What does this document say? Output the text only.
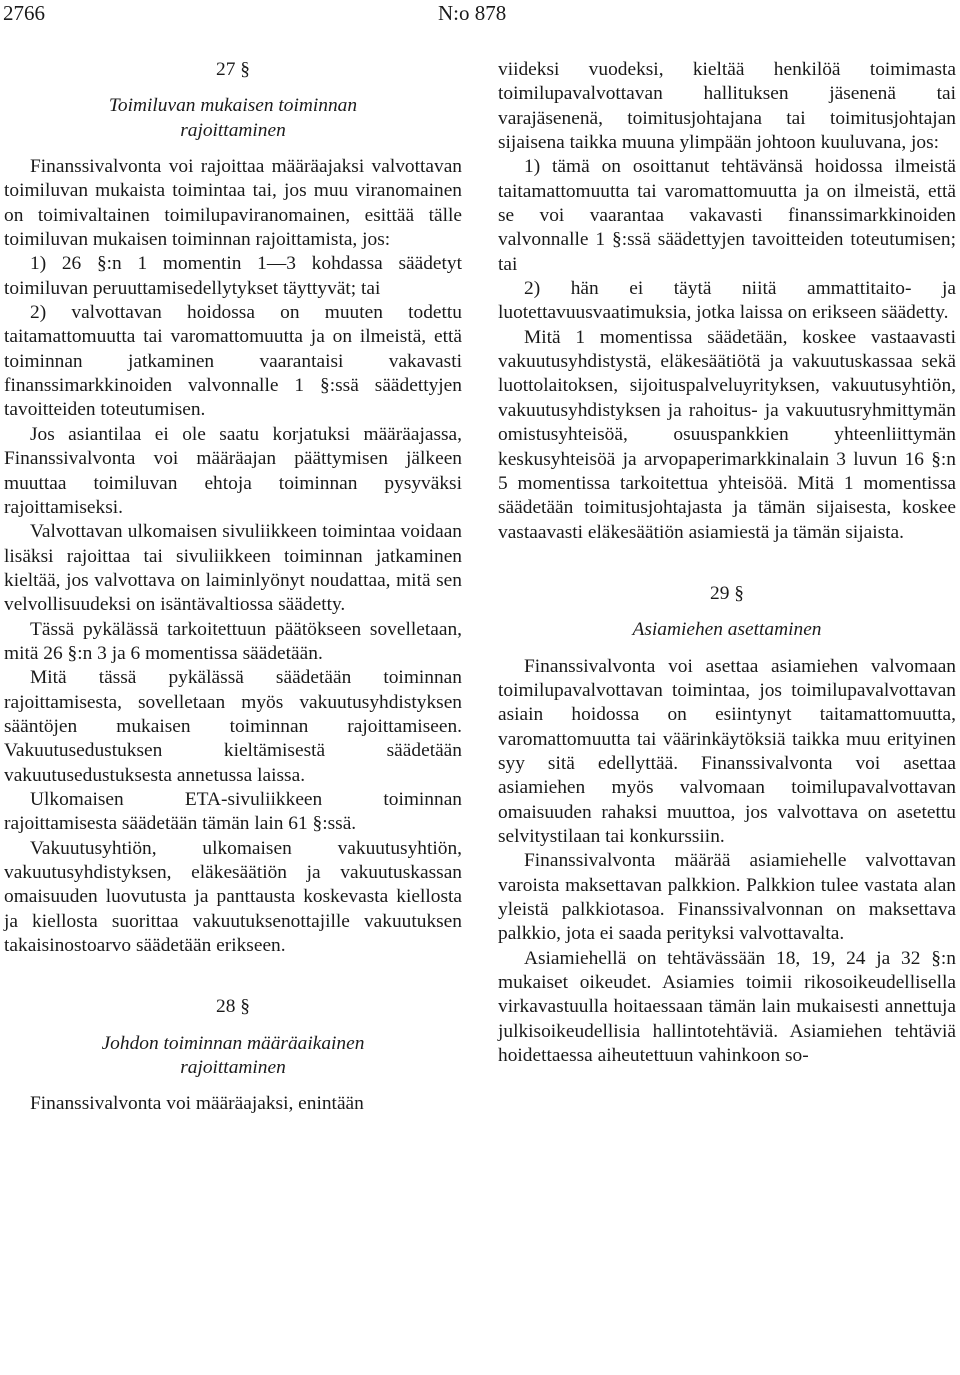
2766	N:o 878

27 §

Toimiluvan mukaisen toiminnan

rajoittaminen

Finanssivalvonta voi rajoittaa määräajaksi valvottavan toimiluvan mukaista toimintaa tai, jos muu viranomainen on toimivaltainen toimilupaviranomainen, esittää tälle toimiluvan mukaisen toiminnan rajoittamista, jos:

1) 26 §:n 1 momentin 1—3 kohdassa säädetyt toimiluvan peruuttamisedellytykset täyttyvät; tai

2) valvottavan hoidossa on muuten todettu taitamattomuutta tai varomattomuutta ja on ilmeistä, että toiminnan jatkaminen vaarantaisi vakavasti finanssimarkkinoiden valvonnalle 1 §:ssä säädettyjen tavoitteiden toteutumisen.

Jos asiantilaa ei ole saatu korjatuksi määräajassa, Finanssivalvonta voi määräajan päättymisen jälkeen muuttaa toimiluvan ehtoja toiminnan pysyväksi rajoittamiseksi.

Valvottavan ulkomaisen sivuliikkeen toimintaa voidaan lisäksi rajoittaa tai sivuliikkeen toiminnan jatkaminen kieltää, jos valvottava on laiminlyönyt noudattaa, mitä sen velvollisuudeksi on isäntävaltiossa säädetty.

Tässä pykälässä tarkoitettuun päätökseen sovelletaan, mitä 26 §:n 3 ja 6 momentissa säädetään.

Mitä tässä pykälässä säädetään toiminnan rajoittamisesta, sovelletaan myös vakuutusyhdistyksen sääntöjen mukaisen toiminnan rajoittamiseen. Vakuutusedustuksen kieltämisestä säädetään vakuutusedustuksesta annetussa laissa.

Ulkomaisen ETA-sivuliikkeen toiminnan rajoittamisesta säädetään tämän lain 61 §:ssä.

Vakuutusyhtiön, ulkomaisen vakuutusyhtiön, vakuutusyhdistyksen, eläkesäätiön ja vakuutuskassan omaisuuden luovutusta ja panttausta koskevasta kiellosta ja kiellosta suorittaa vakuutuksenottajille vakuutuksen takaisinostoarvo säädetään erikseen.

28 §

Johdon toiminnan määräaikainen

rajoittaminen

Finanssivalvonta voi määräajaksi, enintään

viideksi vuodeksi, kieltää henkilöä toimimasta toimilupavalvottavan hallituksen jäsenenä tai varajäsenenä, toimitusjohtajana tai toimitusjohtajan sijaisena taikka muuna ylimpään johtoon kuuluvana, jos:

1) tämä on osoittanut tehtävänsä hoidossa ilmeistä taitamattomuutta tai varomattomuutta ja on ilmeistä, että se voi vaarantaa vakavasti finanssimarkkinoiden valvonnalle 1 §:ssä säädettyjen tavoitteiden toteutumisen; tai

2) hän ei täytä niitä ammattitaito- ja luotettavuusvaatimuksia, jotka laissa on erikseen säädetty.

Mitä 1 momentissa säädetään, koskee vastaavasti vakuutusyhdistystä, eläkesäätiötä ja vakuutuskassaa sekä luottolaitoksen, sijoituspalveluyrityksen, vakuutusyhtiön, vakuutusyhdistyksen ja rahoitus- ja vakuutusryhmittymän omistusyhteisöä, osuuspankkien yhteenliittymän keskusyhteisöä ja arvopaperimarkkinalain 3 luvun 16 §:n 5 momentissa tarkoitettua yhteisöä. Mitä 1 momentissa säädetään toimitusjohtajasta ja tämän sijaisesta, koskee vastaavasti eläkesäätiön asiamiestä ja tämän sijaista.

29 §

Asiamiehen asettaminen

Finanssivalvonta voi asettaa asiamiehen valvomaan toimilupavalvottavan toimintaa, jos toimilupavalvottavan asiain hoidossa on esiintynyt taitamattomuutta, varomattomuutta tai väärinkäytöksiä taikka muu erityinen syy sitä edellyttää. Finanssivalvonta voi asettaa asiamiehen myös valvomaan toimilupavalvottavan omaisuuden rahaksi muuttoa, jos valvottava on asetettu selvitystilaan tai konkurssiin.

Finanssivalvonta määrää asiamiehelle valvottavan varoista maksettavan palkkion. Palkkion tulee vastata alan yleistä palkkiotasoa. Finanssivalvonnan on maksettava palkkio, jota ei saada perityksi valvottavalta.

Asiamiehellä on tehtävässään 18, 19, 24 ja 32 §:n mukaiset oikeudet. Asiamies toimii rikosoikeudellisella virkavastuulla hoitaessaan tämän lain mukaisesti annettuja julkisoikeudellisia hallintotehtäviä. Asiamiehen tehtäviä hoidettaessa aiheutettuun vahinkoon so-
